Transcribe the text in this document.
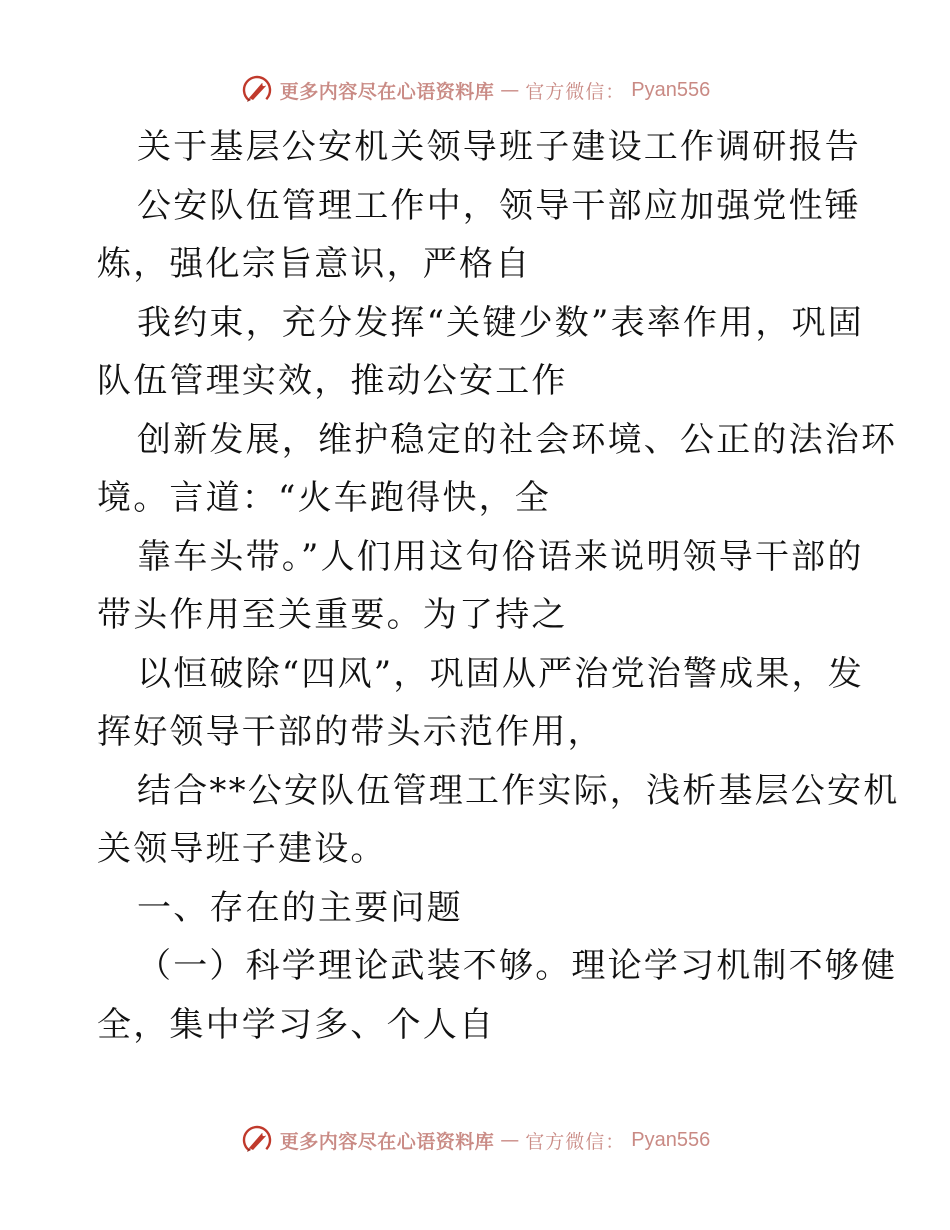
更多内容尽在心语资料库 — 官方微信： Pyan556
关于基层公安机关领导班子建设工作调研报告
公安队伍管理工作中，领导干部应加强党性锤
炼，强化宗旨意识，严格自
我约束，充分发挥“关键少数”表率作用，巩固
队伍管理实效，推动公安工作
创新发展，维护稳定的社会环境、公正的法治环
境。言道：“火车跑得快，全
靠车头带。”人们用这句俗语来说明领导干部的
带头作用至关重要。为了持之
以恒破除“四风”，巩固从严治党治警成果，发
挥好领导干部的带头示范作用，
结合**公安队伍管理工作实际，浅析基层公安机
关领导班子建设。
一、存在的主要问题
（一）科学理论武装不够。理论学习机制不够健
全，集中学习多、个人自
更多内容尽在心语资料库 — 官方微信： Pyan556
